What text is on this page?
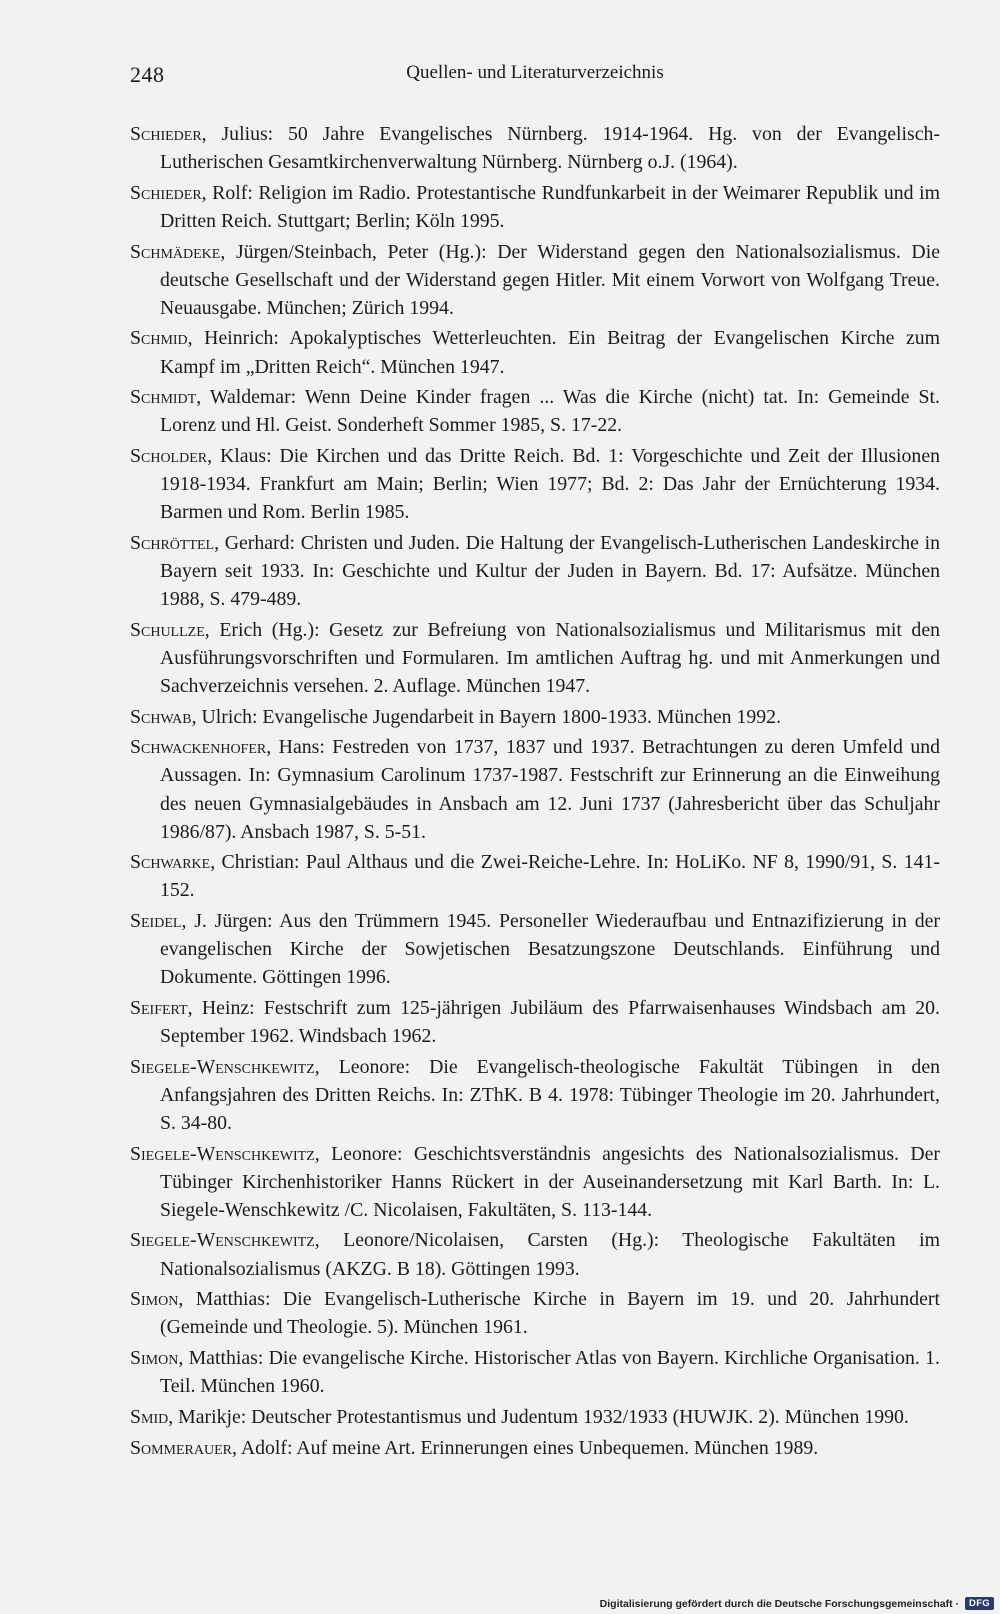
248	Quellen- und Literaturverzeichnis
Schieder, Julius: 50 Jahre Evangelisches Nürnberg. 1914-1964. Hg. von der Evangelisch-Lutherischen Gesamtkirchenverwaltung Nürnberg. Nürnberg o.J. (1964).
Schieder, Rolf: Religion im Radio. Protestantische Rundfunkarbeit in der Weimarer Republik und im Dritten Reich. Stuttgart; Berlin; Köln 1995.
Schmädeke, Jürgen/Steinbach, Peter (Hg.): Der Widerstand gegen den Nationalsozialismus. Die deutsche Gesellschaft und der Widerstand gegen Hitler. Mit einem Vorwort von Wolfgang Treue. Neuausgabe. München; Zürich 1994.
Schmid, Heinrich: Apokalyptisches Wetterleuchten. Ein Beitrag der Evangelischen Kirche zum Kampf im „Dritten Reich“. München 1947.
Schmidt, Waldemar: Wenn Deine Kinder fragen ... Was die Kirche (nicht) tat. In: Gemeinde St. Lorenz und Hl. Geist. Sonderheft Sommer 1985, S. 17-22.
Scholder, Klaus: Die Kirchen und das Dritte Reich. Bd. 1: Vorgeschichte und Zeit der Illusionen 1918-1934. Frankfurt am Main; Berlin; Wien 1977; Bd. 2: Das Jahr der Ernüchterung 1934. Barmen und Rom. Berlin 1985.
Schröttel, Gerhard: Christen und Juden. Die Haltung der Evangelisch-Lutherischen Landeskirche in Bayern seit 1933. In: Geschichte und Kultur der Juden in Bayern. Bd. 17: Aufsätze. München 1988, S. 479-489.
Schullze, Erich (Hg.): Gesetz zur Befreiung von Nationalsozialismus und Militarismus mit den Ausführungsvorschriften und Formularen. Im amtlichen Auftrag hg. und mit Anmerkungen und Sachverzeichnis versehen. 2. Auflage. München 1947.
Schwab, Ulrich: Evangelische Jugendarbeit in Bayern 1800-1933. München 1992.
Schwackenhofer, Hans: Festreden von 1737, 1837 und 1937. Betrachtungen zu deren Umfeld und Aussagen. In: Gymnasium Carolinum 1737-1987. Festschrift zur Erinnerung an die Einweihung des neuen Gymnasialgebäudes in Ansbach am 12. Juni 1737 (Jahresbericht über das Schuljahr 1986/87). Ansbach 1987, S. 5-51.
Schwarke, Christian: Paul Althaus und die Zwei-Reiche-Lehre. In: HoLiKo. NF 8, 1990/91, S. 141-152.
Seidel, J. Jürgen: Aus den Trümmern 1945. Personeller Wiederaufbau und Entnazifizierung in der evangelischen Kirche der Sowjetischen Besatzungszone Deutschlands. Einführung und Dokumente. Göttingen 1996.
Seifert, Heinz: Festschrift zum 125-jährigen Jubiläum des Pfarrwaisenhauses Windsbach am 20. September 1962. Windsbach 1962.
Siegele-Wenschkewitz, Leonore: Die Evangelisch-theologische Fakultät Tübingen in den Anfangsjahren des Dritten Reichs. In: ZThK. B 4. 1978: Tübinger Theologie im 20. Jahrhundert, S. 34-80.
Siegele-Wenschkewitz, Leonore: Geschichtsverständnis angesichts des Nationalsozialismus. Der Tübinger Kirchenhistoriker Hanns Rückert in der Auseinandersetzung mit Karl Barth. In: L. Siegele-Wenschkewitz /C. Nicolaisen, Fakultäten, S. 113-144.
Siegele-Wenschkewitz, Leonore/Nicolaisen, Carsten (Hg.): Theologische Fakultäten im Nationalsozialismus (AKZG. B 18). Göttingen 1993.
Simon, Matthias: Die Evangelisch-Lutherische Kirche in Bayern im 19. und 20. Jahrhundert (Gemeinde und Theologie. 5). München 1961.
Simon, Matthias: Die evangelische Kirche. Historischer Atlas von Bayern. Kirchliche Organisation. 1. Teil. München 1960.
Smid, Marikje: Deutscher Protestantismus und Judentum 1932/1933 (HUWJK. 2). München 1990.
Sommerauer, Adolf: Auf meine Art. Erinnerungen eines Unbequemen. München 1989.
Digitalisierung gefördert durch die Deutsche Forschungsgemeinschaft ·	DFG
